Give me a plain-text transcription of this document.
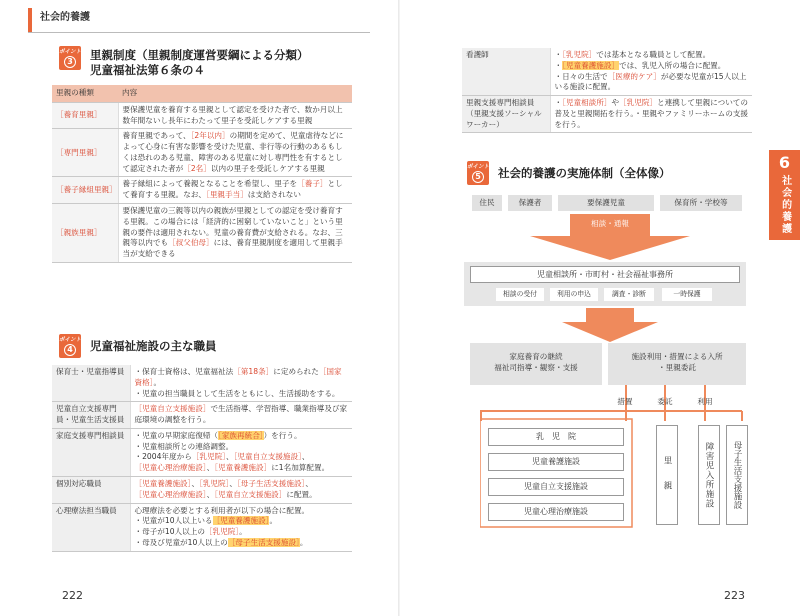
社会的養護
ポイント
3	里親制度（里親制度運営要綱による分類）
児童福祉法第６条の４
里親の種類	内容
［養育里親］	要保護児童を養育する里親として認定を受けた者で、数か月以上数年間ないし長年にわたって里子を受託しケアする里親
［専門里親］	養育里親であって、［2年以内］の期間を定めて、児童虐待などによって心身に有害な影響を受けた児童、非行等の行動のあるもしくは恐れのある児童、障害のある児童に対し専門性を有するとして認定された者が［2名］以内の里子を受託しケアする里親
［養子縁組里親］	養子縁組によって養親となることを希望し、里子を［養子］として養育する里親。なお、［里親手当］は支給されない
［親族里親］	要保護児童の三親等以内の親族が里親としての認定を受け養育する里親。この場合には「経済的に困窮していないこと」という里親の要件は適用されない。児童の養育費が支給される。なお、三親等以内でも［叔父伯母］には、養育里親制度を適用して里親手当が支給できる
ポイント
4	児童福祉施設の主な職員
保育士・児童指導員	・保育士資格は、児童福祉法［第18条］に定められた［国家資格］。
・児童の担当職員として生活をともにし、生活援助をする。

児童自立支援専門員・児童生活支援員	［児童自立支援施設］で生活指導、学習指導、職業指導及び家庭環境の調整を行う。
家庭支援専門相談員	・児童の早期家庭復帰（［家族再統合］）を行う。
・児童相談所との連絡調整。
・2004年度から［乳児院］、［児童自立支援施設］、
［児童心理治療施設］、［児童養護施設］に1名加算配置。

個別対応職員	［児童養護施設］、［乳児院］、［母子生活支援施設］、
［児童心理治療施設］、［児童自立支援施設］に配置。

心理療法担当職員	心理療法を必要とする利用者が以下の場合に配置。
・児童が10人以上いる［児童養護施設］。
・母子が10人以上の［乳児院］。
・母及び児童が10人以上の［母子生活支援施設］。
222
看護師	・［乳児院］では基本となる職員として配置。
・［児童養護施設］では、乳児入所の場合に配置。
・日々の生活で［医療的ケア］が必要な児童が15人以上いる施設に配置。

里親支援専門相談員（里親支援ソーシャルワーカー）	・［児童相談所］や［乳児院］と連携して里親についての普及と里親開拓を行う。・里親やファミリーホームの支援を行う。
ポイント
5	社会的養護の実施体制（全体像）
住民	保護者	要保護児童	保育所・学校等
相談・通報
児童相談所・市町村・社会福祉事務所
相談の受付	利用の申込	調査・診断	一時保護
家庭養育の継続
福祉司指導・観察・支援
施設利用・措置による入所
・里親委託
措置	委託	利用
乳　児　院
児童養護施設
児童自立支援施設
児童心理治療施設
里　親	障害児入所施設	母子生活支援施設
223
6
社会的養護
